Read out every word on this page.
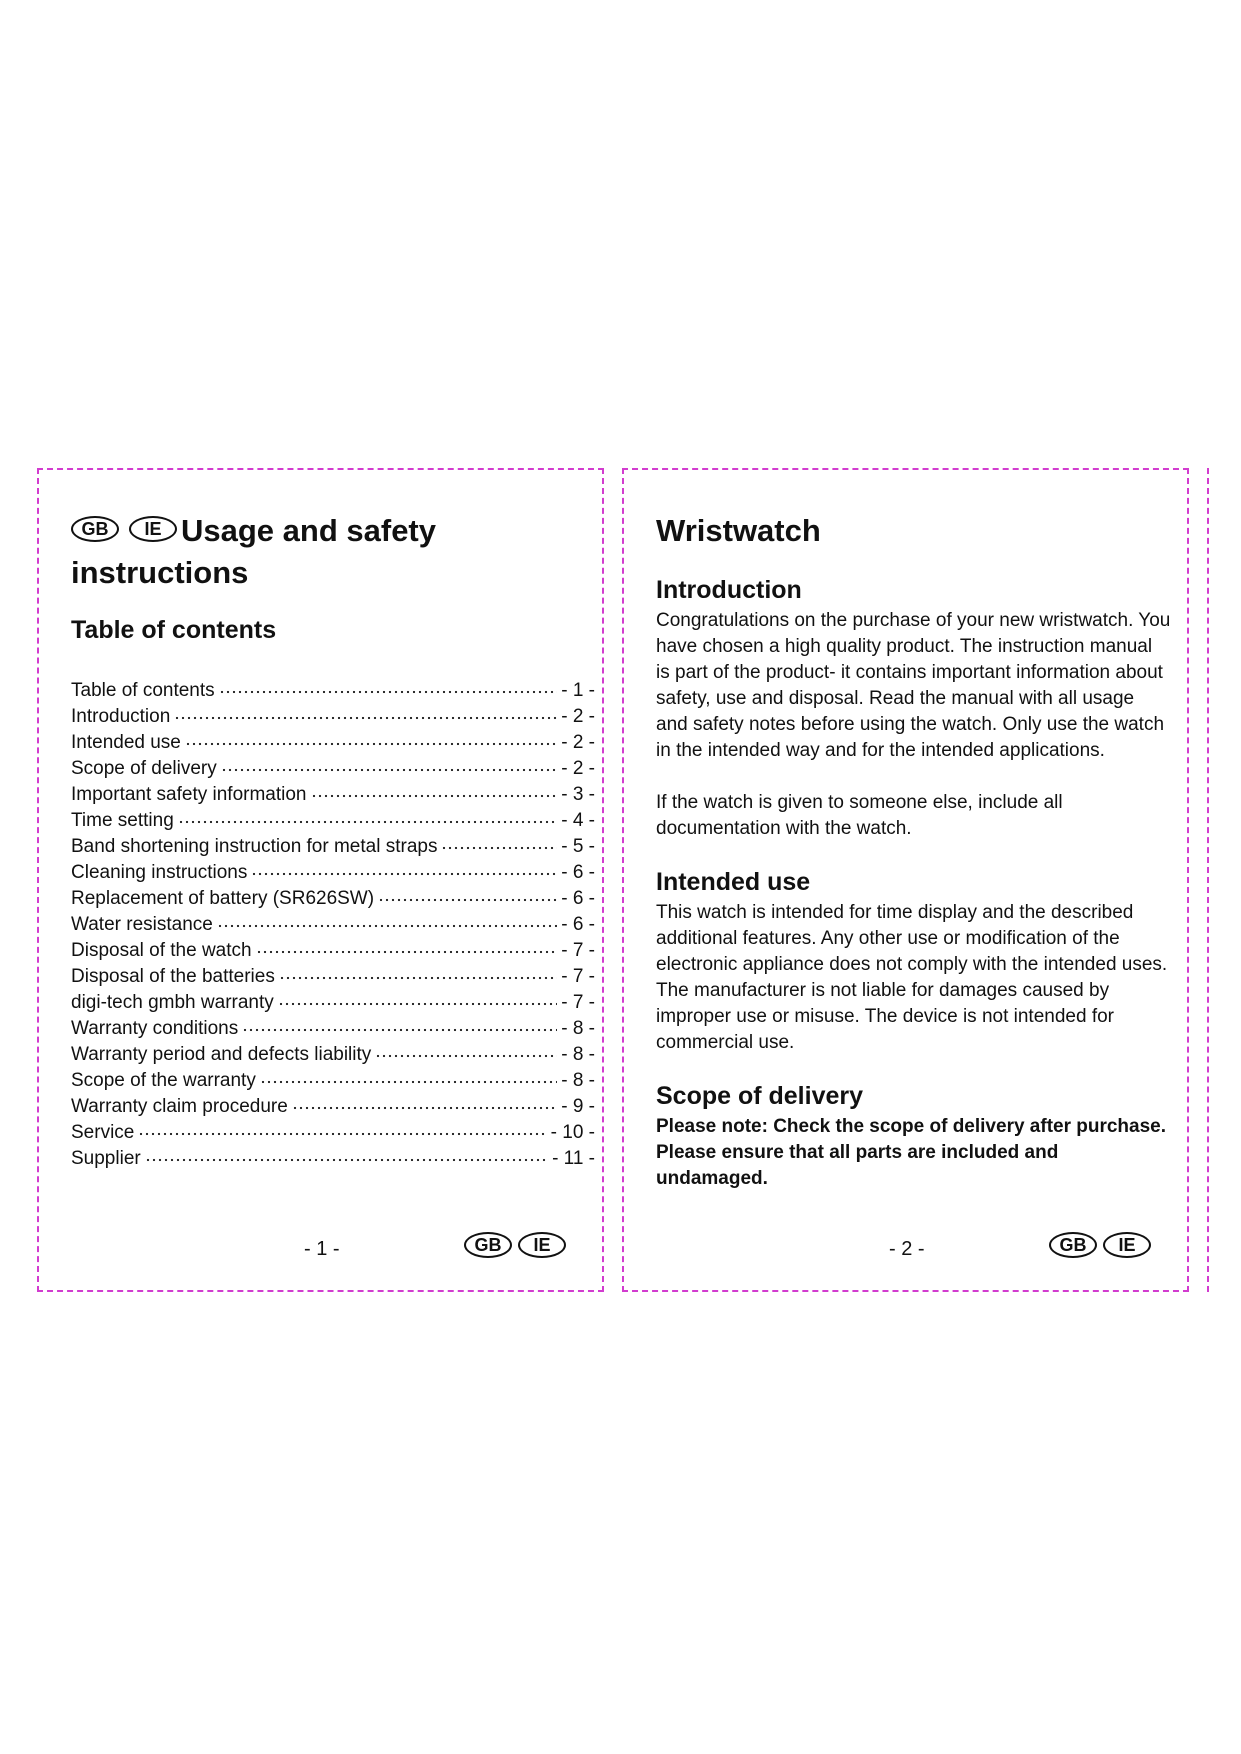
GB	IE Usage and safety instructions
Table of contents
Table of contents	- 1 -
Introduction	- 2 -
Intended use	- 2 -
Scope of delivery	- 2 -
Important safety information	- 3 -
Time setting	- 4 -
Band shortening instruction for metal straps	- 5 -
Cleaning instructions	- 6 -
Replacement of battery (SR626SW)	- 6 -
Water resistance	- 6 -
Disposal of the watch	- 7 -
Disposal of the batteries	- 7 -
digi-tech gmbh warranty	- 7 -
Warranty conditions	- 8 -
Warranty period and defects liability	- 8 -
Scope of the warranty	- 8 -
Warranty claim procedure	- 9 -
Service	- 10 -
Supplier	- 11 -
- 1 -	GB	IE
Wristwatch
Introduction

Congratulations on the purchase of your new wristwatch. You have chosen a high quality product. The instruction manual is part of the product- it contains important information about safety, use and disposal. Read the manual with all usage and safety notes before using the watch. Only use the watch in the intended way and for the intended applications.

If the watch is given to someone else, include all documentation with the watch.

Intended use

This watch is intended for time display and the described additional features. Any other use or modification of the electronic appliance does not comply with the intended uses. The manufacturer is not liable for damages caused by improper use or misuse. The device is not intended for commercial use.

Scope of delivery

Please note: Check the scope of delivery after purchase. Please ensure that all parts are included and undamaged.

- 2 -	GB	IE
